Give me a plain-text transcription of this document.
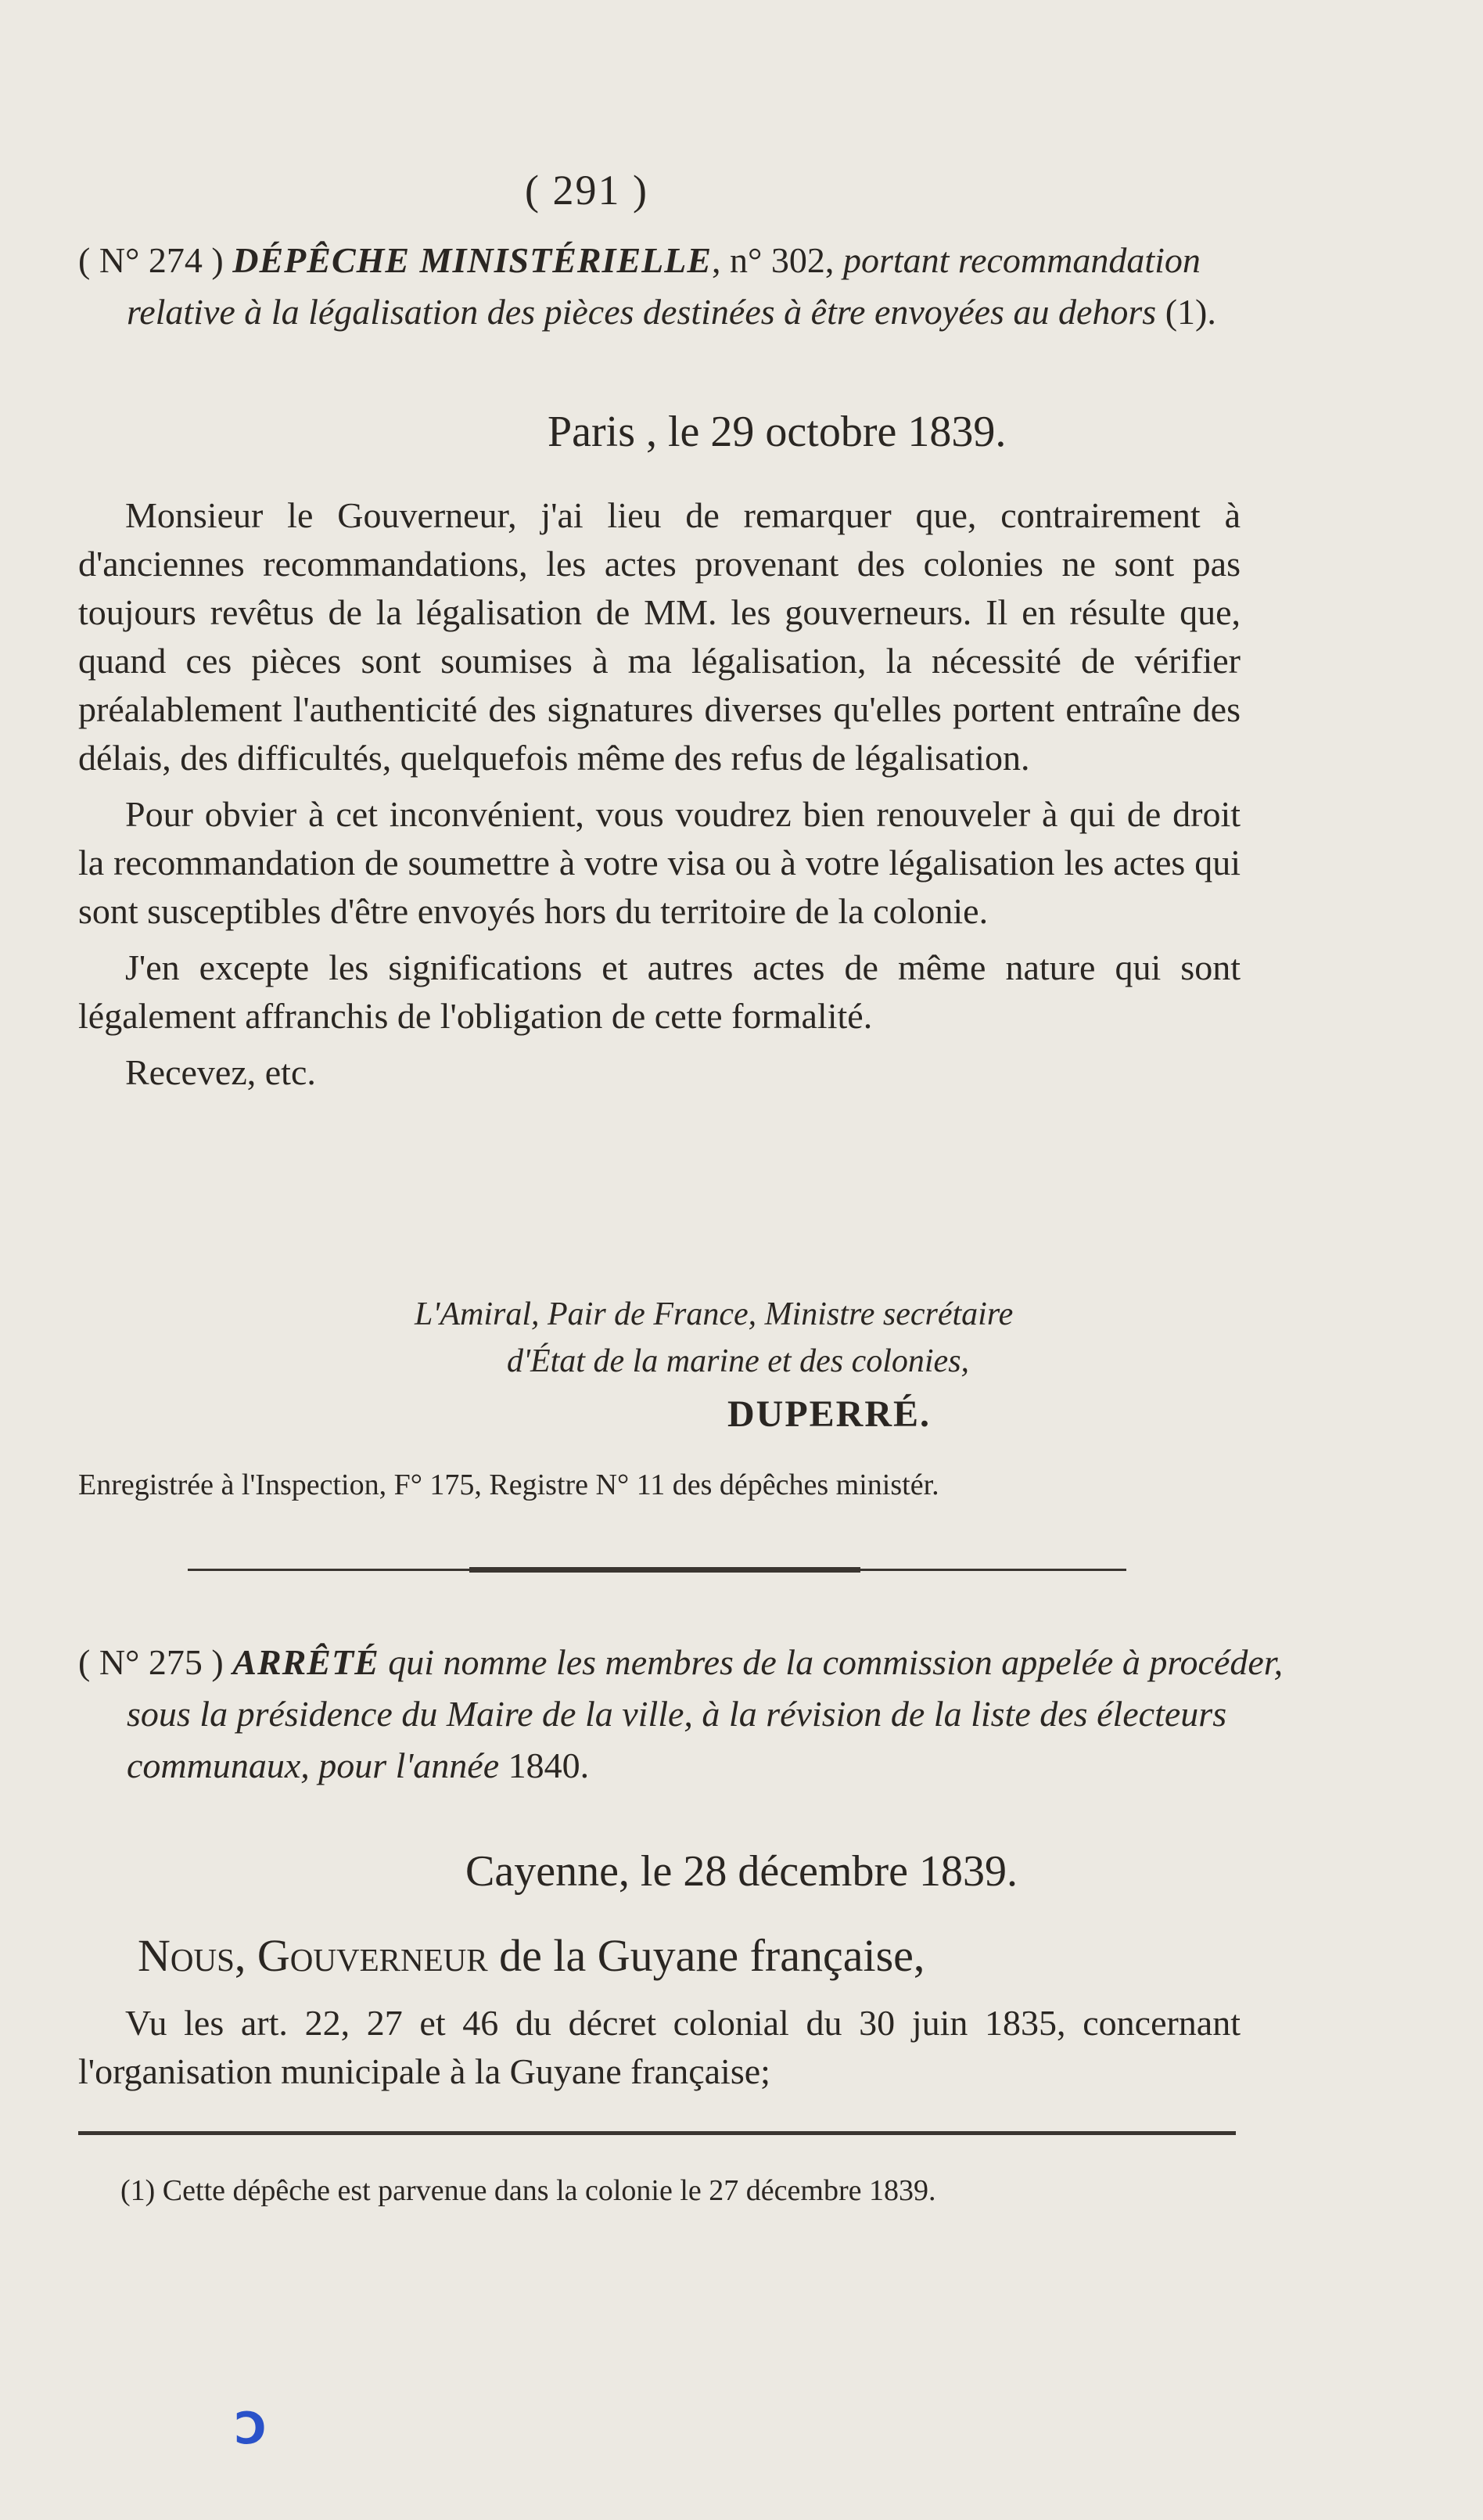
( 291 )
( N° 274 ) DÉPÊCHE MINISTÉRIELLE, n° 302, portant recommandation relative à la légalisation des pièces destinées à être envoyées au dehors (1).
Paris , le 29 octobre 1839.

Monsieur le Gouverneur, j'ai lieu de remarquer que, contrairement à d'anciennes recommandations, les actes provenant des colonies ne sont pas toujours revêtus de la légalisation de MM. les gouverneurs. Il en résulte que, quand ces pièces sont soumises à ma légalisation, la nécessité de vérifier préalablement l'authenticité des signatures diverses qu'elles portent entraîne des délais, des difficultés, quelquefois même des refus de légalisation.

Pour obvier à cet inconvénient, vous voudrez bien renouveler à qui de droit la recommandation de soumettre à votre visa ou à votre légalisation les actes qui sont susceptibles d'être envoyés hors du territoire de la colonie.

J'en excepte les significations et autres actes de même nature qui sont légalement affranchis de l'obligation de cette formalité.

Recevez, etc.

L'Amiral, Pair de France, Ministre secrétaire
d'État de la marine et des colonies,
DUPERRÉ.
Enregistrée à l'Inspection, F° 175, Registre N° 11 des dépêches ministér.
( N° 275 ) ARRÊTÉ qui nomme les membres de la commission appelée à procéder, sous la présidence du Maire de la ville, à la révision de la liste des électeurs communaux, pour l'année 1840.
Cayenne, le 28 décembre 1839.
Nous, Gouverneur de la Guyane française,

Vu les art. 22, 27 et 46 du décret colonial du 30 juin 1835, concernant l'organisation municipale à la Guyane française;

(1) Cette dépêche est parvenue dans la colonie le 27 décembre 1839.
Ↄ
